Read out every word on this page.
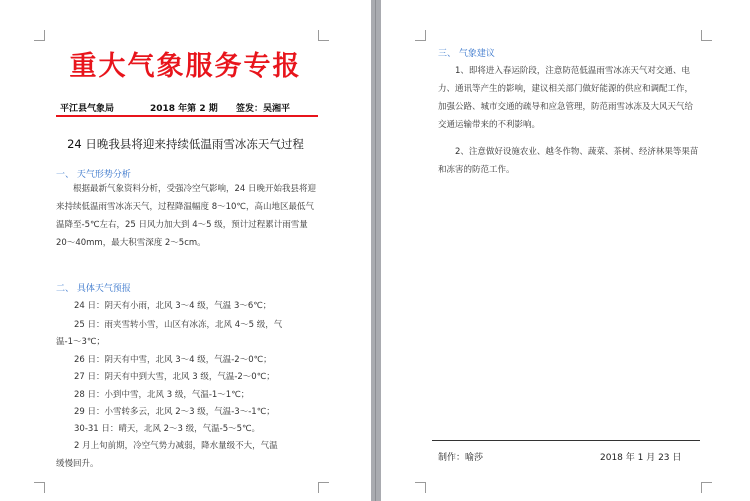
重大气象服务专报
平江县气象局	2018 年第 2 期 签发：吴湘平
24 日晚我县将迎来持续低温雨雪冰冻天气过程
一、 天气形势分析
根据最新气象资料分析，受强冷空气影响，24 日晚开始我县将迎来持续低温雨雪冰冻天气，过程降温幅度 8～10℃，高山地区最低气温降至-5℃左右，25 日风力加大到 4～5 级，预计过程累计雨雪量 20～40mm，最大积雪深度 2～5cm。
二、 具体天气预报
24 日：阴天有小雨，北风 3～4 级，气温 3～6℃；
25 日：雨夹雪转小雪，山区有冰冻，北风 4～5 级，气
温-1～3℃；
26 日：阴天有中雪，北风 3～4 级，气温-2～0℃；
27 日：阴天有中到大雪，北风 3 级，气温-2～0℃；
28 日：小到中雪，北风 3 级，气温-1～1℃；
29 日：小雪转多云，北风 2～3 级，气温-3～-1℃；
30-31 日：晴天，北风 2～3 级，气温-5～5℃。
2 月上旬前期，冷空气势力减弱，降水量级不大，气温
缓慢回升。
三、 气象建议
1、即将进入春运阶段，注意防范低温雨雪冰冻天气对交通、电力、通讯等产生的影响，建议相关部门做好能源的供应和调配工作，加强公路、城市交通的疏导和应急管理，防范雨雪冰冻及大风天气给交通运输带来的不利影响。
2、注意做好设施农业、越冬作物、蔬菜、茶树、经济林果等果苗和冻害的防范工作。
制作：喻莎	2018 年 1 月 23 日
